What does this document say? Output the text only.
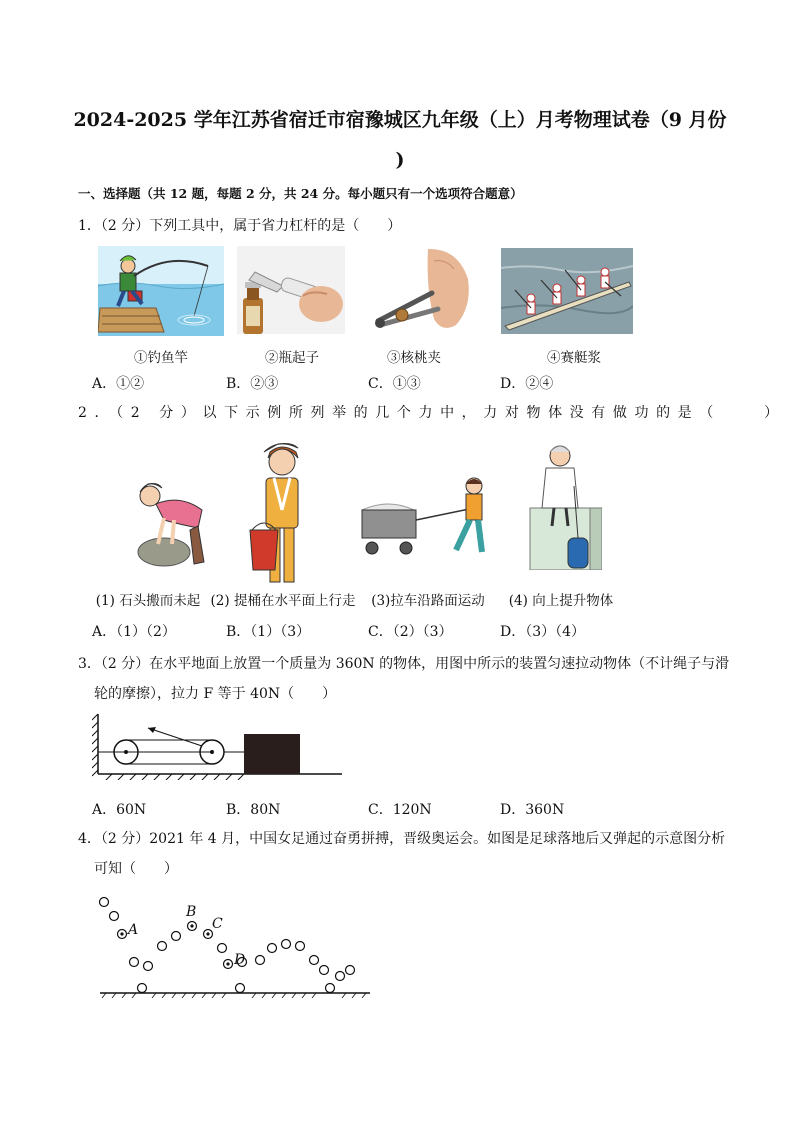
2024-2025 学年江苏省宿迁市宿豫城区九年级（上）月考物理试卷（9 月份
)
一、选择题（共 12 题，每题 2 分，共 24 分。每小题只有一个选项符合题意）
1．（2 分）下列工具中，属于省力杠杆的是（　　）
①钓鱼竿	②瓶起子	③核桃夹	④赛艇浆
A．①②	B．②③	C．①③	D．②④
2．（2 分）以下示例所列举的几个力中，力对物体没有做功的是（　　）
(1) 石头搬而未起 (2) 提桶在水平面上行走	(3)拉车沿路面运动	(4) 向上提升物体
A．（1）（2）	B．（1）（3）	C．（2）（3）	D．（3）（4）
3．（2 分）在水平地面上放置一个质量为 360N 的物体，用图中所示的装置匀速拉动物体（不计绳子与滑
轮的摩擦），拉力 F 等于 40N（　　）
A．60N	B．80N	C．120N	D．360N
4．（2 分）2021 年 4 月，中国女足通过奋勇拼搏，晋级奥运会。如图是足球落地后又弹起的示意图分析
可知（　　）
A
B
C
D
